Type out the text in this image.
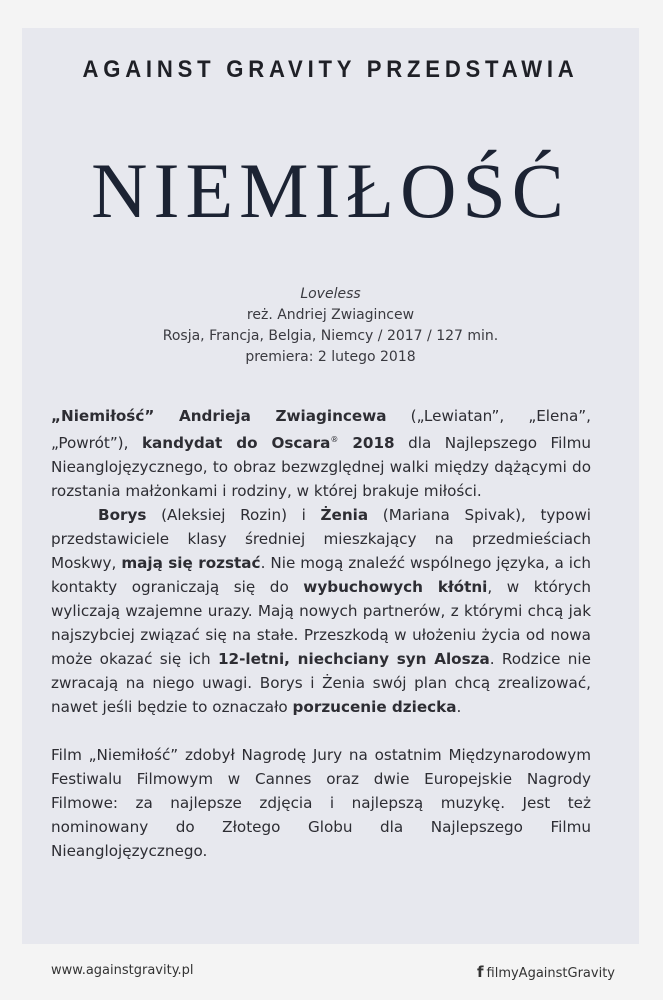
AGAINST GRAVITY PRZEDSTAWIA
NIEMIŁOŚĆ
Loveless
reż. Andriej Zwiagincew
Rosja, Francja, Belgia, Niemcy / 2017 / 127 min.
premiera: 2 lutego 2018

„Niemiłość” Andrieja Zwiagincewa („Lewiatan”, „Elena”, „Powrót”), kandydat do Oscara® 2018 dla Najlepszego Filmu Nieanglojęzycznego, to obraz bezwzględnej walki między dążącymi do rozstania małżonkami i rodziny, w której brakuje miłości.

Borys (Aleksiej Rozin) i Żenia (Mariana Spivak), typowi przedstawiciele klasy średniej mieszkający na przedmieściach Moskwy, mają się rozstać. Nie mogą znaleźć wspólnego języka, a ich kontakty ograniczają się do wybuchowych kłótni, w których wyliczają wzajemne urazy. Mają nowych partnerów, z którymi chcą jak najszybciej związać się na stałe. Przeszkodą w ułożeniu życia od nowa może okazać się ich 12-letni, niechciany syn Alosza. Rodzice nie zwracają na niego uwagi. Borys i Żenia swój plan chcą zrealizować, nawet jeśli będzie to oznaczało porzucenie dziecka.

Film „Niemiłość” zdobył Nagrodę Jury na ostatnim Międzynarodowym Festiwalu Filmowym w Cannes oraz dwie Europejskie Nagrody Filmowe: za najlepsze zdjęcia i najlepszą muzykę. Jest też nominowany do Złotego Globu dla Najlepszego Filmu Nieanglojęzycznego.

www.againstgravity.pl	f filmyAgainstGravity
